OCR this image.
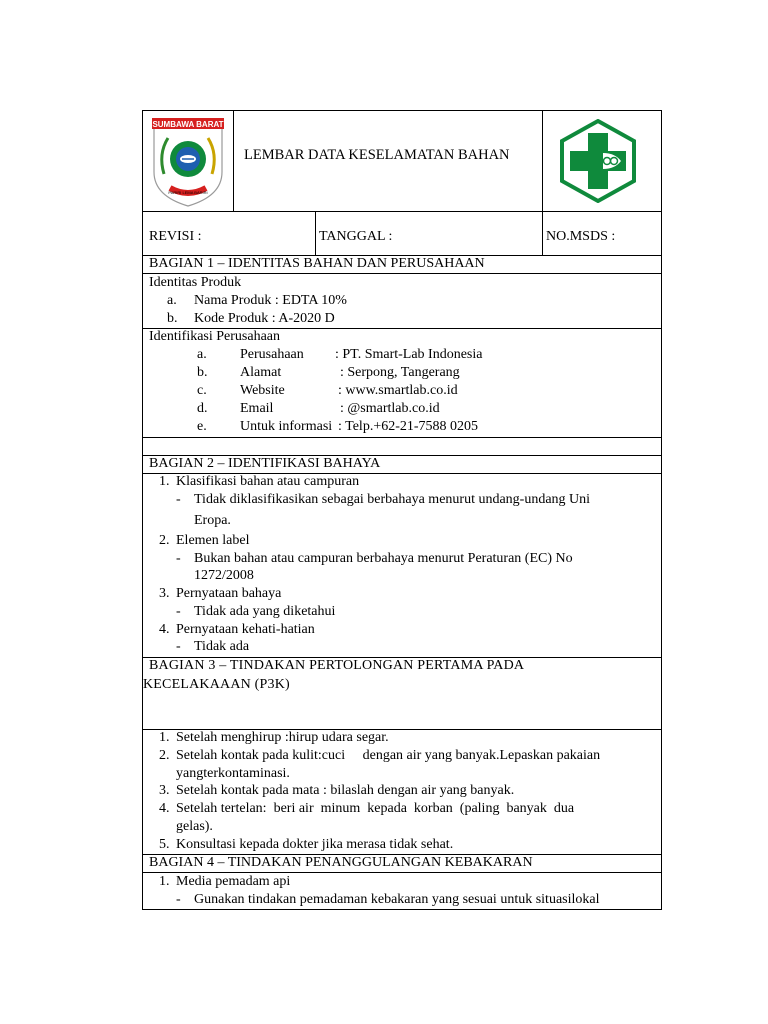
SUMBAWA BARAT
PARIRI LEMA BARIRI
LEMBAR DATA KESELAMATAN BAHAN
REVISI :	TANGGAL :	NO.MSDS :
BAGIAN 1 – IDENTITAS BAHAN DAN PERUSAHAAN
Identitas Produk
a. Nama Produk : EDTA 10%
b. Kode Produk : A-2020 D
Identifikasi Perusahaan
a. Perusahaan : PT. Smart-Lab Indonesia
b. Alamat	: Serpong, Tangerang
c. Website	: www.smartlab.co.id
d. Email	: @smartlab.co.id
e. Untuk informasi : Telp.+62-21-7588 0205
BAGIAN 2 – IDENTIFIKASI BAHAYA
1. Klasifikasi bahan atau campuran
- Tidak diklasifikasikan sebagai berbahaya menurut undang-undang Uni
Eropa.
2. Elemen label
- Bukan bahan atau campuran berbahaya menurut Peraturan (EC) No
1272/2008
3. Pernyataan bahaya
- Tidak ada yang diketahui
4. Pernyataan kehati-hatian
- Tidak ada
BAGIAN 3 – TINDAKAN PERTOLONGAN PERTAMA PADA
KECELAKAAAN (P3K)
1. Setelah menghirup :hirup udara segar.
2. Setelah kontak pada kulit:cuci     dengan air yang banyak.Lepaskan pakaian
yangterkontaminasi.
3. Setelah kontak pada mata : bilaslah dengan air yang banyak.
4. Setelah tertelan:  beri air  minum  kepada  korban  (paling  banyak  dua
gelas).
5. Konsultasi kepada dokter jika merasa tidak sehat.
BAGIAN 4 – TINDAKAN PENANGGULANGAN KEBAKARAN
1. Media pemadam api
- Gunakan tindakan pemadaman kebakaran yang sesuai untuk situasilokal
